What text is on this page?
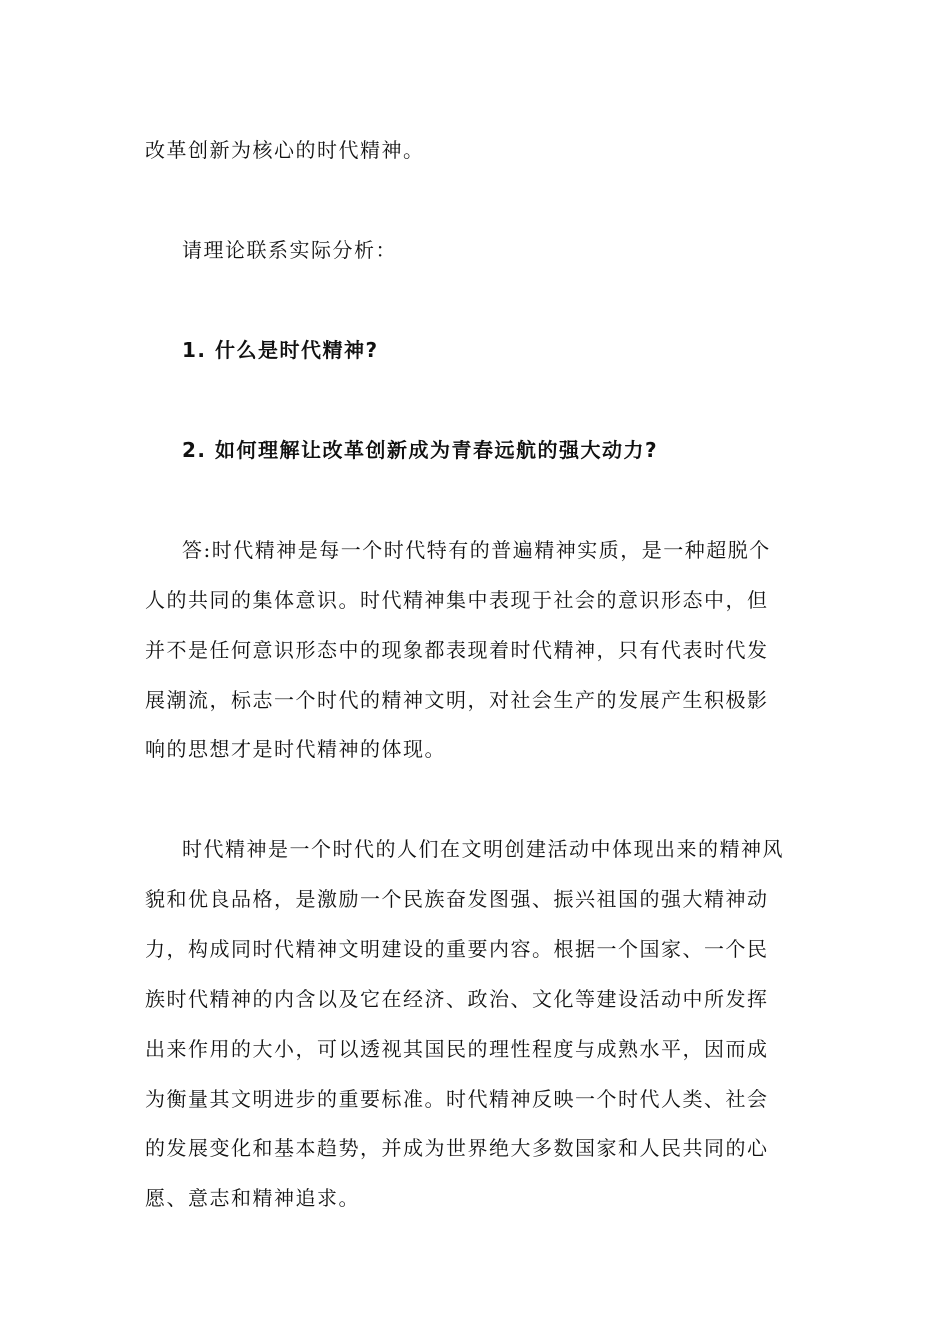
改革创新为核心的时代精神。
请理论联系实际分析：
1. 什么是时代精神?
2. 如何理解让改革创新成为青春远航的强大动力?
答:时代精神是每一个时代特有的普遍精神实质，是一种超脱个
人的共同的集体意识。时代精神集中表现于社会的意识形态中，但
并不是任何意识形态中的现象都表现着时代精神，只有代表时代发
展潮流，标志一个时代的精神文明，对社会生产的发展产生积极影
响的思想才是时代精神的体现。
时代精神是一个时代的人们在文明创建活动中体现出来的精神风
貌和优良品格，是激励一个民族奋发图强、振兴祖国的强大精神动
力，构成同时代精神文明建设的重要内容。根据一个国家、一个民
族时代精神的内含以及它在经济、政治、文化等建设活动中所发挥
出来作用的大小，可以透视其国民的理性程度与成熟水平，因而成
为衡量其文明进步的重要标准。时代精神反映一个时代人类、社会
的发展变化和基本趋势，并成为世界绝大多数国家和人民共同的心
愿、意志和精神追求。
